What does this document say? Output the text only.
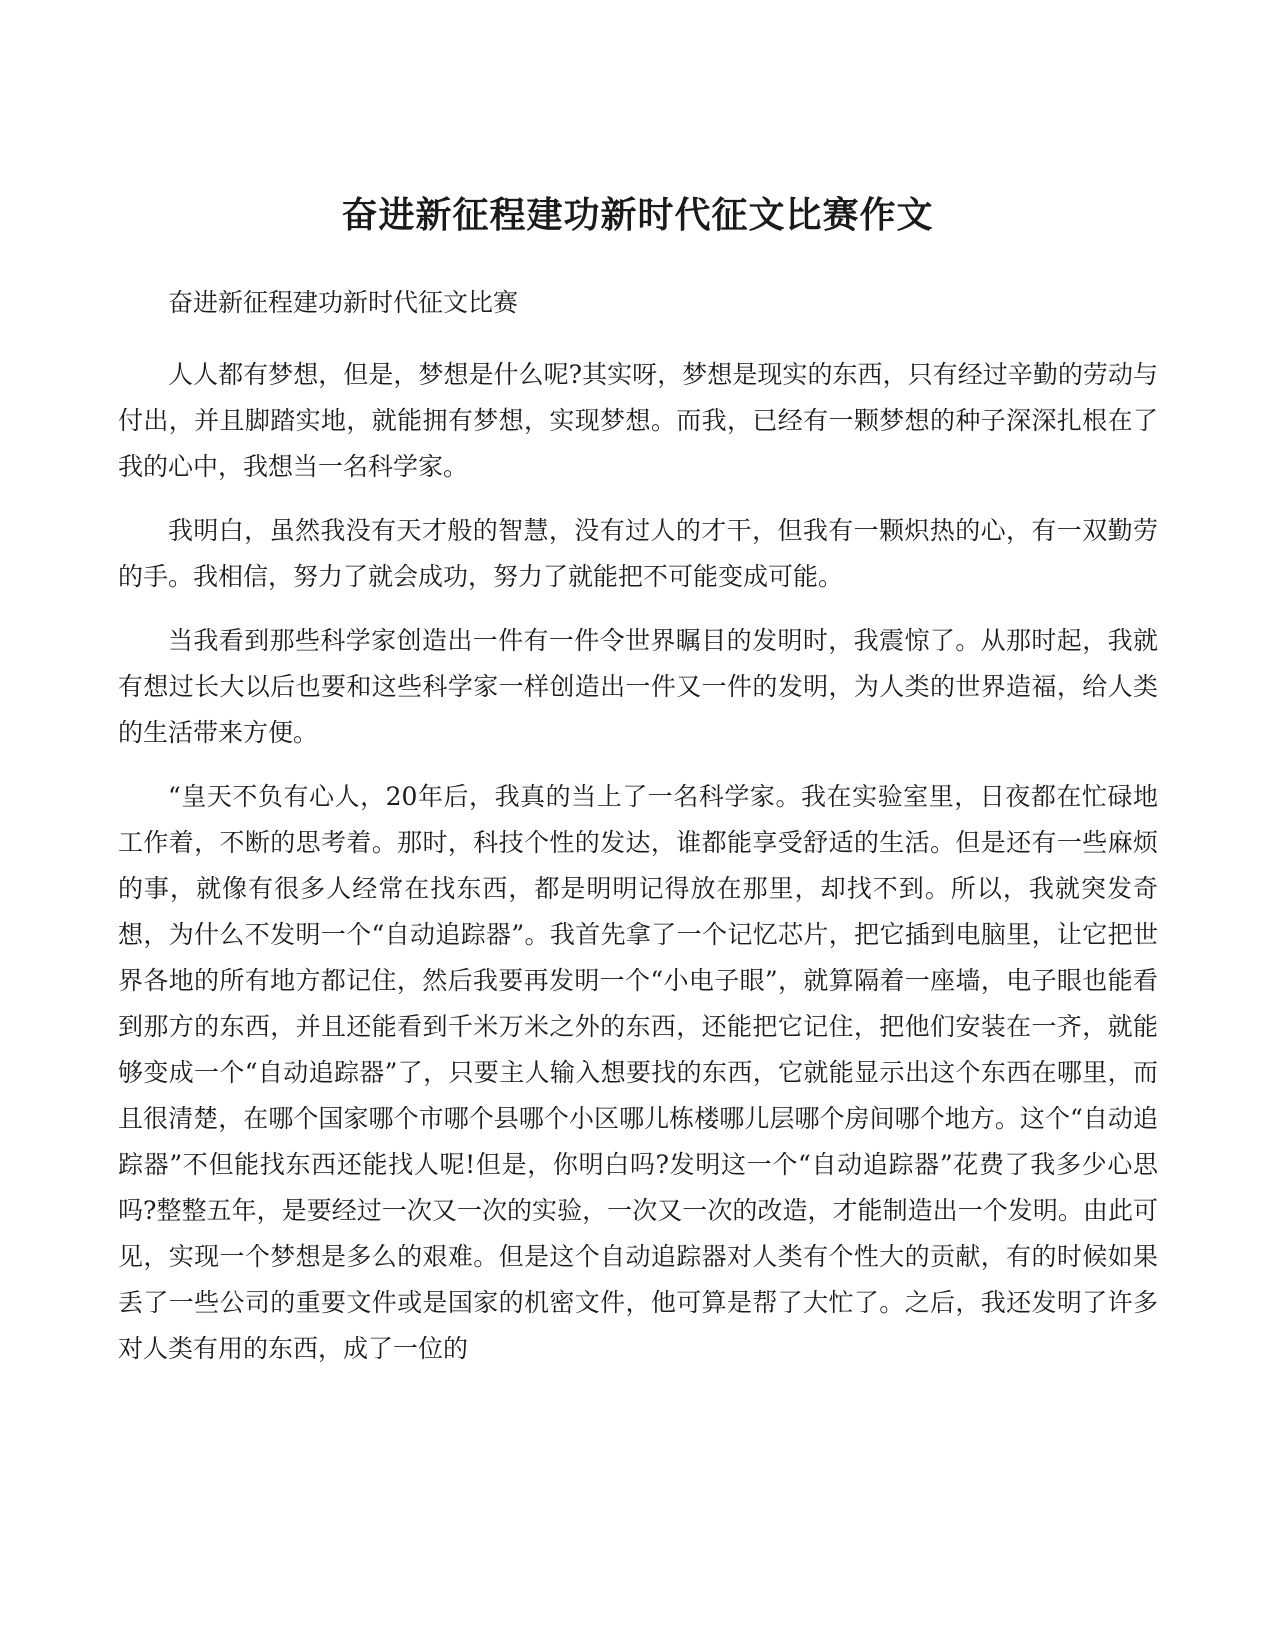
奋进新征程建功新时代征文比赛作文

奋进新征程建功新时代征文比赛

人人都有梦想，但是，梦想是什么呢?其实呀，梦想是现实的东西，只有经过辛勤的劳动与付出，并且脚踏实地，就能拥有梦想，实现梦想。而我，已经有一颗梦想的种子深深扎根在了我的心中，我想当一名科学家。

我明白，虽然我没有天才般的智慧，没有过人的才干，但我有一颗炽热的心，有一双勤劳的手。我相信，努力了就会成功，努力了就能把不可能变成可能。

当我看到那些科学家创造出一件有一件令世界瞩目的发明时，我震惊了。从那时起，我就有想过长大以后也要和这些科学家一样创造出一件又一件的发明，为人类的世界造福，给人类的生活带来方便。

“皇天不负有心人，20年后，我真的当上了一名科学家。我在实验室里，日夜都在忙碌地工作着，不断的思考着。那时，科技个性的发达，谁都能享受舒适的生活。但是还有一些麻烦的事，就像有很多人经常在找东西，都是明明记得放在那里，却找不到。所以，我就突发奇想，为什么不发明一个“自动追踪器”。我首先拿了一个记忆芯片，把它插到电脑里，让它把世界各地的所有地方都记住，然后我要再发明一个“小电子眼”，就算隔着一座墙，电子眼也能看到那方的东西，并且还能看到千米万米之外的东西，还能把它记住，把他们安装在一齐，就能够变成一个“自动追踪器”了，只要主人输入想要找的东西，它就能显示出这个东西在哪里，而且很清楚，在哪个国家哪个市哪个县哪个小区哪儿栋楼哪儿层哪个房间哪个地方。这个“自动追踪器”不但能找东西还能找人呢!但是，你明白吗?发明这一个“自动追踪器”花费了我多少心思吗?整整五年，是要经过一次又一次的实验，一次又一次的改造，才能制造出一个发明。由此可见，实现一个梦想是多么的艰难。但是这个自动追踪器对人类有个性大的贡献，有的时候如果丢了一些公司的重要文件或是国家的机密文件，他可算是帮了大忙了。之后，我还发明了许多对人类有用的东西，成了一位的
